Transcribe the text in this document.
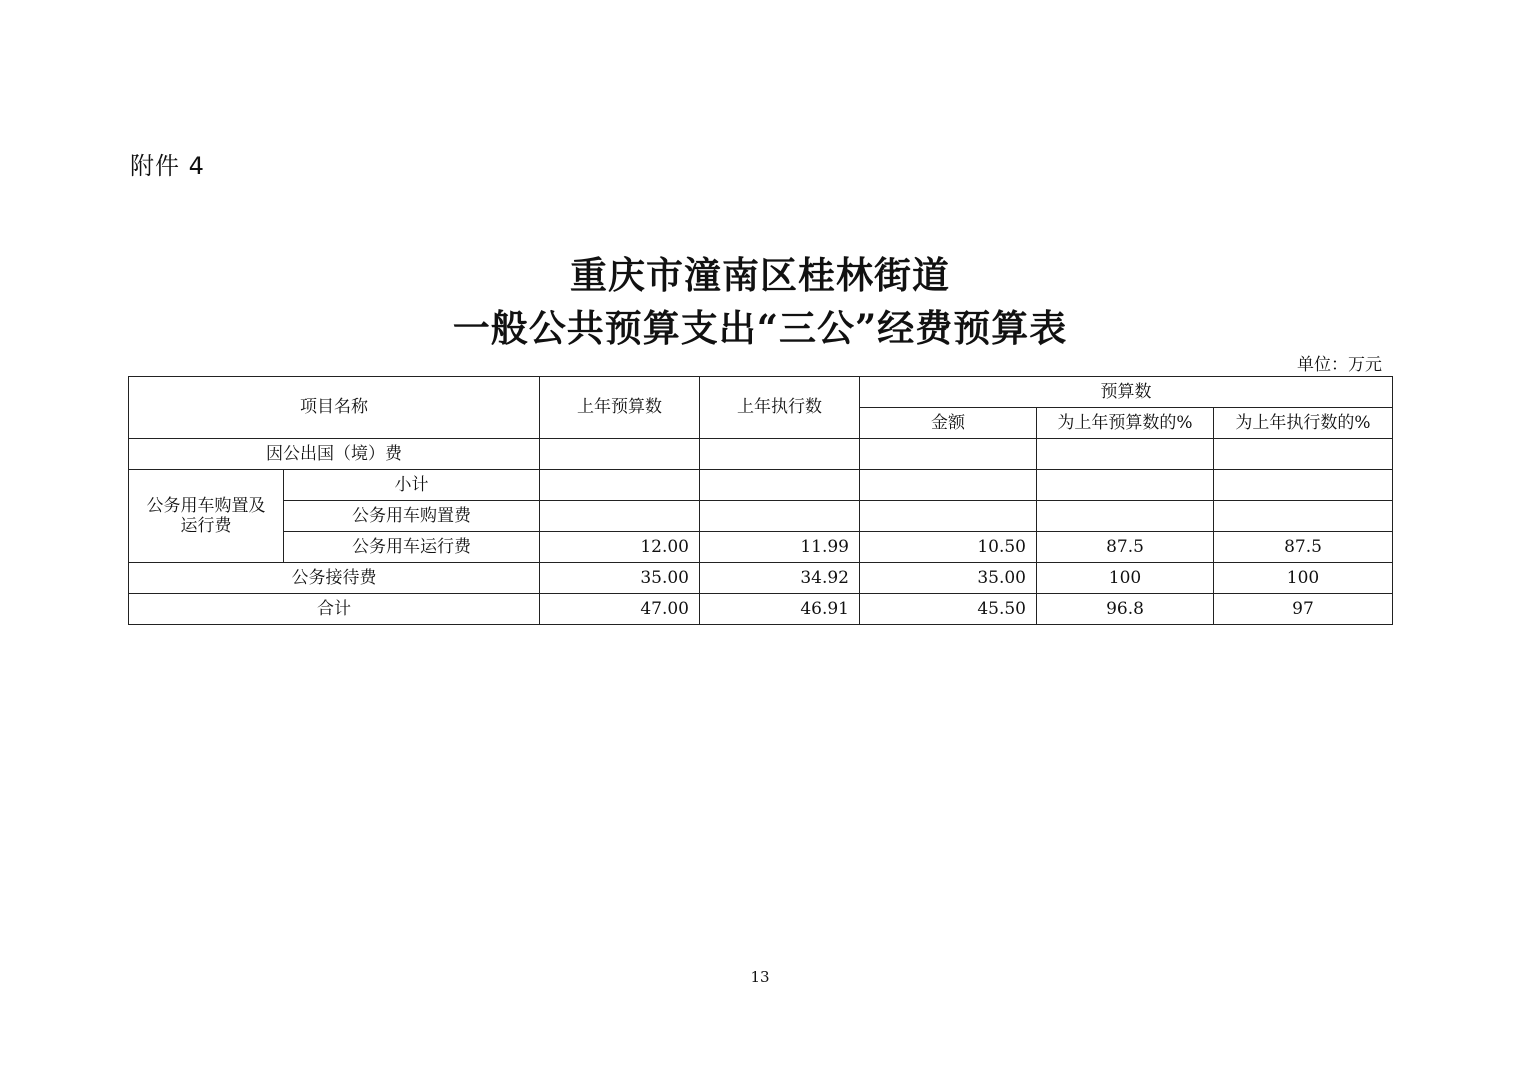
附件 4
重庆市潼南区桂林街道
一般公共预算支出“三公”经费预算表
单位：万元
项目名称		上年预算数	上年执行数	预算数		
				金额	为上年预算数的%	为上年执行数的%
因公出国（境）费						
公务用车购置及运行费	小计					
	公务用车购置费					
	公务用车运行费	12.00	11.99	10.50	87.5	87.5
公务接待费		35.00	34.92	35.00	100	100
合计		47.00	46.91	45.50	96.8	97
13
